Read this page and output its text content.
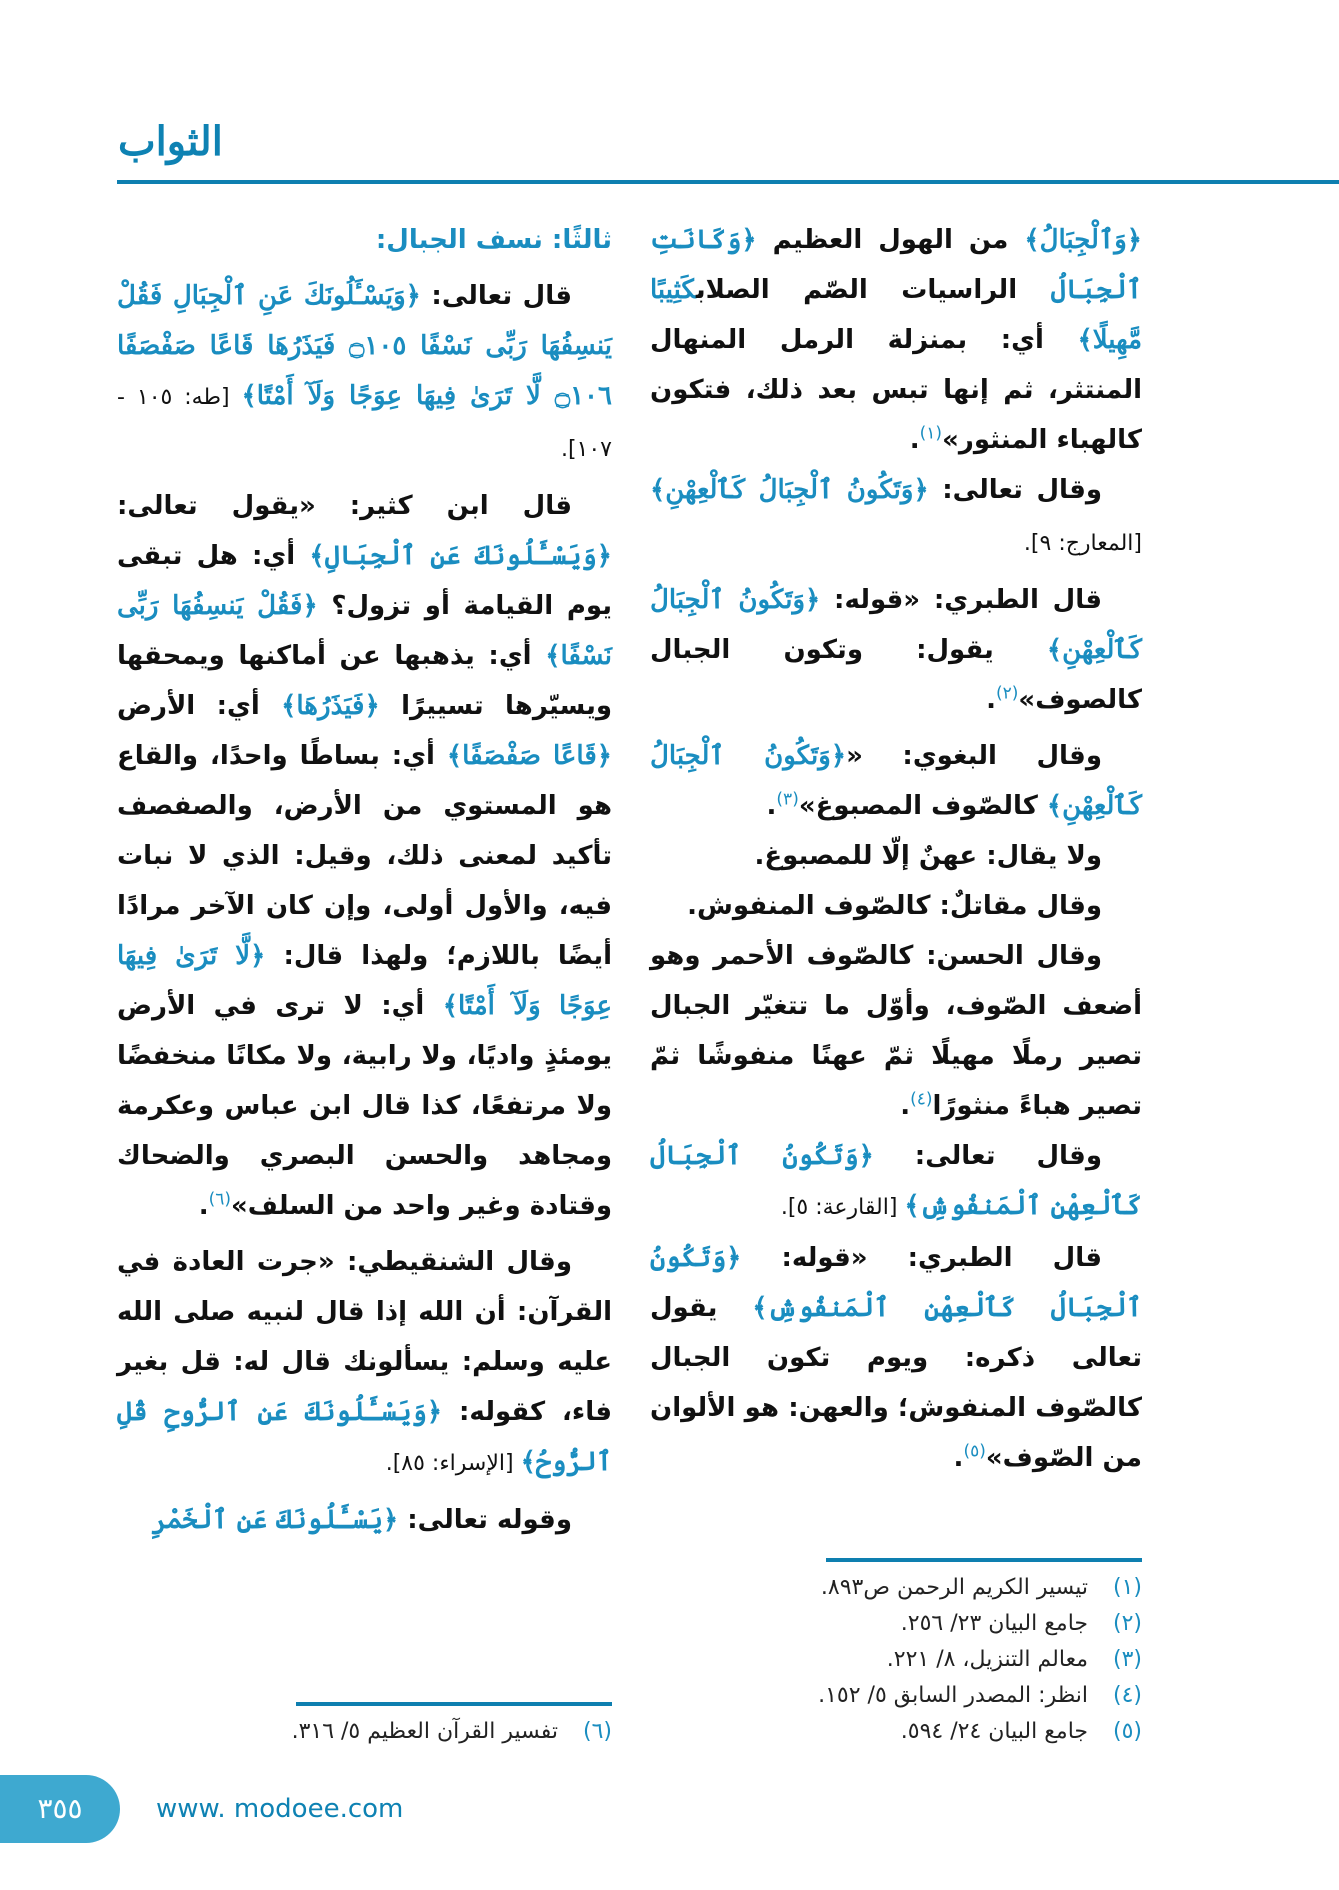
الثواب

﴿وَٱلْجِبَالُ﴾ من الهول العظيم ﴿وَكَانَتِ ٱلْجِبَالُ الراسيات الصّم الصلابكَثِيبًا مَّهِيلًا﴾ أي: بمنزلة الرمل المنهال المنتثر، ثم إنها تبس بعد ذلك، فتكون كالهباء المنثور»$^{(١)}$.

وقال تعالى: ﴿وَتَكُونُ ٱلْجِبَالُ كَٱلْعِهْنِ﴾ [المعارج: ٩].

قال الطبري: «قوله: ﴿وَتَكُونُ ٱلْجِبَالُ كَٱلْعِهْنِ﴾ يقول: وتكون الجبال كالصوف»$^{(٢)}$.

وقال البغوي: «﴿وَتَكُونُ ٱلْجِبَالُ كَٱلْعِهْنِ﴾ كالصّوف المصبوغ»$^{(٣)}$.

ولا يقال: عهنٌ إلّا للمصبوغ.

وقال مقاتلٌ: كالصّوف المنفوش.

وقال الحسن: كالصّوف الأحمر وهو أضعف الصّوف، وأوّل ما تتغيّر الجبال تصير رملًا مهيلًا ثمّ عهنًا منفوشًا ثمّ تصير هباءً منثورًا$^{(٤)}$.

وقال تعالى: ﴿وَتَكُونُ ٱلْجِبَالُ كَٱلْعِهْنِ ٱلْمَنفُوشِ﴾ [القارعة: ٥].

قال الطبري: «قوله: ﴿وَتَكُونُ ٱلْجِبَالُ كَٱلْعِهْنِ ٱلْمَنفُوشِ﴾ يقول تعالى ذكره: ويوم تكون الجبال كالصّوف المنفوش؛ والعهن: هو الألوان من الصّوف»$^{(٥)}$.

(١)تيسير الكريم الرحمن ص٨٩٣.
(٢)جامع البيان ٢٣/ ٢٥٦.
(٣)معالم التنزيل، ٨/ ٢٢١.
(٤)انظر: المصدر السابق ٥/ ١٥٢.
(٥)جامع البيان ٢٤/ ٥٩٤.

ثالثًا: نسف الجبال:

قال تعالى: ﴿وَيَسْـَٔلُونَكَ عَنِ ٱلْجِبَالِ فَقُلْ يَنسِفُهَا رَبِّى نَسْفًا ۝١٠٥ فَيَذَرُهَا قَاعًا صَفْصَفًا ۝١٠٦ لَّا تَرَىٰ فِيهَا عِوَجًا وَلَآ أَمْتًا﴾ [طه: ١٠٥ - ١٠٧].

قال ابن كثير: «يقول تعالى: ﴿وَيَسْـَٔلُونَكَ عَنِ ٱلْجِبَالِ﴾ أي: هل تبقى يوم القيامة أو تزول؟ ﴿فَقُلْ يَنسِفُهَا رَبِّى نَسْفًا﴾ أي: يذهبها عن أماكنها ويمحقها ويسيّرها تسييرًا ﴿فَيَذَرُهَا﴾ أي: الأرض ﴿قَاعًا صَفْصَفًا﴾ أي: بساطًا واحدًا، والقاع هو المستوي من الأرض، والصفصف تأكيد لمعنى ذلك، وقيل: الذي لا نبات فيه، والأول أولى، وإن كان الآخر مرادًا أيضًا باللازم؛ ولهذا قال: ﴿لَّا تَرَىٰ فِيهَا عِوَجًا وَلَآ أَمْتًا﴾ أي: لا ترى في الأرض يومئذٍ واديًا، ولا رابية، ولا مكانًا منخفضًا ولا مرتفعًا، كذا قال ابن عباس وعكرمة ومجاهد والحسن البصري والضحاك وقتادة وغير واحد من السلف»$^{(٦)}$.

وقال الشنقيطي: «جرت العادة في القرآن: أن الله إذا قال لنبيه صلى الله عليه وسلم: يسألونك قال له: قل بغير فاء، كقوله: ﴿وَيَسْـَٔلُونَكَ عَنِ ٱلرُّوحِ قُلِ ٱلرُّوحُ﴾ [الإسراء: ٨٥].

وقوله تعالى: ﴿يَسْـَٔلُونَكَ عَنِ ٱلْخَمْرِ

(٦)تفسير القرآن العظيم ٥/ ٣١٦.
٣٥٥	www. modoee.com
